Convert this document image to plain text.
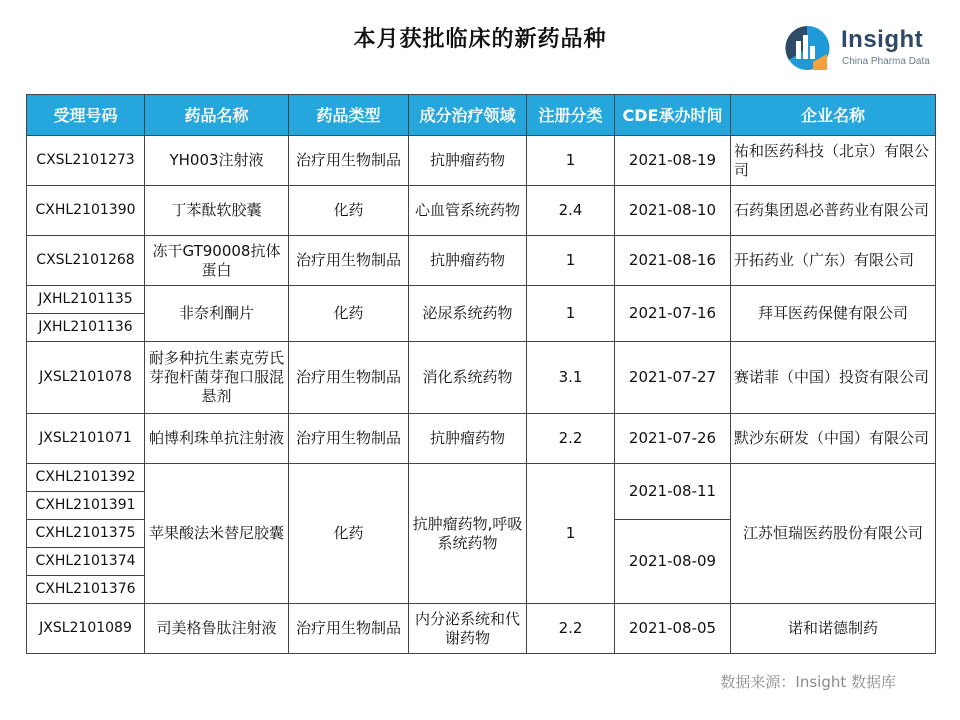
本月获批临床的新药品种	Insight
China Pharma Data
受理号码	药品名称	药品类型	成分治疗领域	注册分类	CDE承办时间	企业名称
CXSL2101273	YH003注射液	治疗用生物制品	抗肿瘤药物	1	2021-08-19	祐和医药科技（北京）有限公司
CXHL2101390	丁苯酞软胶囊	化药	心血管系统药物	2.4	2021-08-10	石药集团恩必普药业有限公司
CXSL2101268	冻干GT90008抗体蛋白	治疗用生物制品	抗肿瘤药物	1	2021-08-16	开拓药业（广东）有限公司
JXHL2101135	非奈利酮片	化药	泌尿系统药物	1	2021-07-16	拜耳医药保健有限公司
JXHL2101136						
JXSL2101078	耐多种抗生素克劳氏芽孢杆菌芽孢口服混悬剂	治疗用生物制品	消化系统药物	3.1	2021-07-27	赛诺菲（中国）投资有限公司
JXSL2101071	帕博利珠单抗注射液	治疗用生物制品	抗肿瘤药物	2.2	2021-07-26	默沙东研发（中国）有限公司
CXHL2101392	苹果酸法米替尼胶囊	化药	抗肿瘤药物,呼吸系统药物	1	2021-08-11	江苏恒瑞医药股份有限公司
CXHL2101391						
CXHL2101375					2021-08-09	
CXHL2101374						
CXHL2101376						
JXSL2101089	司美格鲁肽注射液	治疗用生物制品	内分泌系统和代谢药物	2.2	2021-08-05	诺和诺德制药
数据来源：Insight 数据库
